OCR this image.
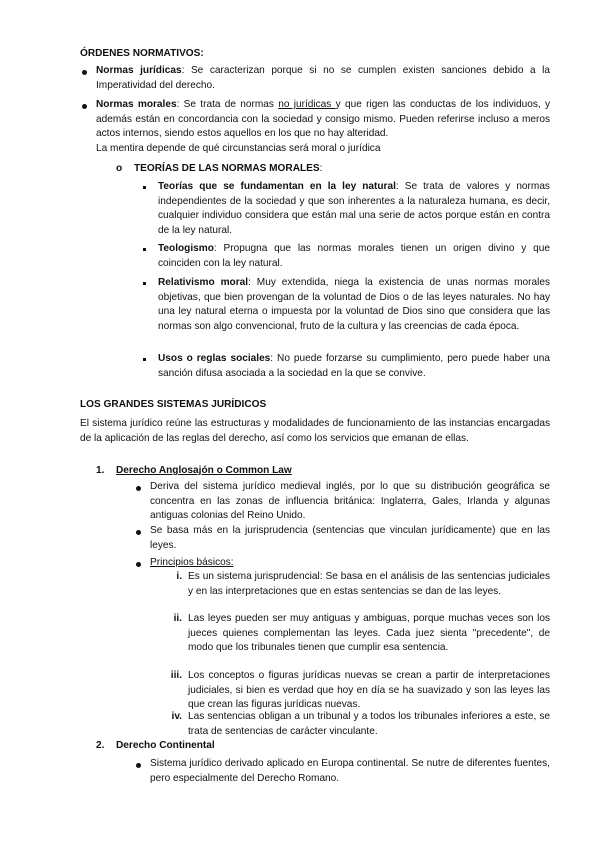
ÓRDENES NORMATIVOS:
Normas jurídicas: Se caracterizan porque si no se cumplen existen sanciones debido a la Imperatividad del derecho.
Normas morales: Se trata de normas no jurídicas y que rigen las conductas de los individuos, y además están en concordancia con la sociedad y consigo mismo. Pueden referirse incluso a meros actos internos, siendo estos aquellos en los que no hay alteridad.
La mentira depende de qué circunstancias será moral o jurídica
o TEORÍAS DE LAS NORMAS MORALES:
Teorías que se fundamentan en la ley natural: Se trata de valores y normas independientes de la sociedad y que son inherentes a la naturaleza humana, es decir, cualquier individuo considera que están mal una serie de actos porque están en contra de la ley natural.
Teologismo: Propugna que las normas morales tienen un origen divino y que coinciden con la ley natural.
Relativismo moral: Muy extendida, niega la existencia de unas normas morales objetivas, que bien provengan de la voluntad de Dios o de las leyes naturales. No hay una ley natural eterna o impuesta por la voluntad de Dios sino que considera que las normas son algo convencional, fruto de la cultura y las creencias de cada época.
Usos o reglas sociales: No puede forzarse su cumplimiento, pero puede haber una sanción difusa asociada a la sociedad en la que se convive.
LOS GRANDES SISTEMAS JURÍDICOS
El sistema jurídico reúne las estructuras y modalidades de funcionamiento de las instancias encargadas de la aplicación de las reglas del derecho, así como los servicios que emanan de ellas.
1. Derecho Anglosajón o Common Law
Deriva del sistema jurídico medieval inglés, por lo que su distribución geográfica se concentra en las zonas de influencia británica: Inglaterra, Gales, Irlanda y algunas antiguas colonias del Reino Unido.
Se basa más en la jurisprudencia (sentencias que vinculan jurídicamente) que en las leyes.
Principios básicos:
i. Es un sistema jurisprudencial: Se basa en el análisis de las sentencias judiciales y en las interpretaciones que en estas sentencias se dan de las leyes.
ii. Las leyes pueden ser muy antiguas y ambiguas, porque muchas veces son los jueces quienes complementan las leyes. Cada juez sienta "precedente", de modo que los tribunales tienen que cumplir esa sentencia.
iii. Los conceptos o figuras jurídicas nuevas se crean a partir de interpretaciones judiciales, si bien es verdad que hoy en día se ha suavizado y son las leyes las que crean las figuras jurídicas nuevas.
iv. Las sentencias obligan a un tribunal y a todos los tribunales inferiores a este, se trata de sentencias de carácter vinculante.
2. Derecho Continental
Sistema jurídico derivado aplicado en Europa continental. Se nutre de diferentes fuentes, pero especialmente del Derecho Romano.
